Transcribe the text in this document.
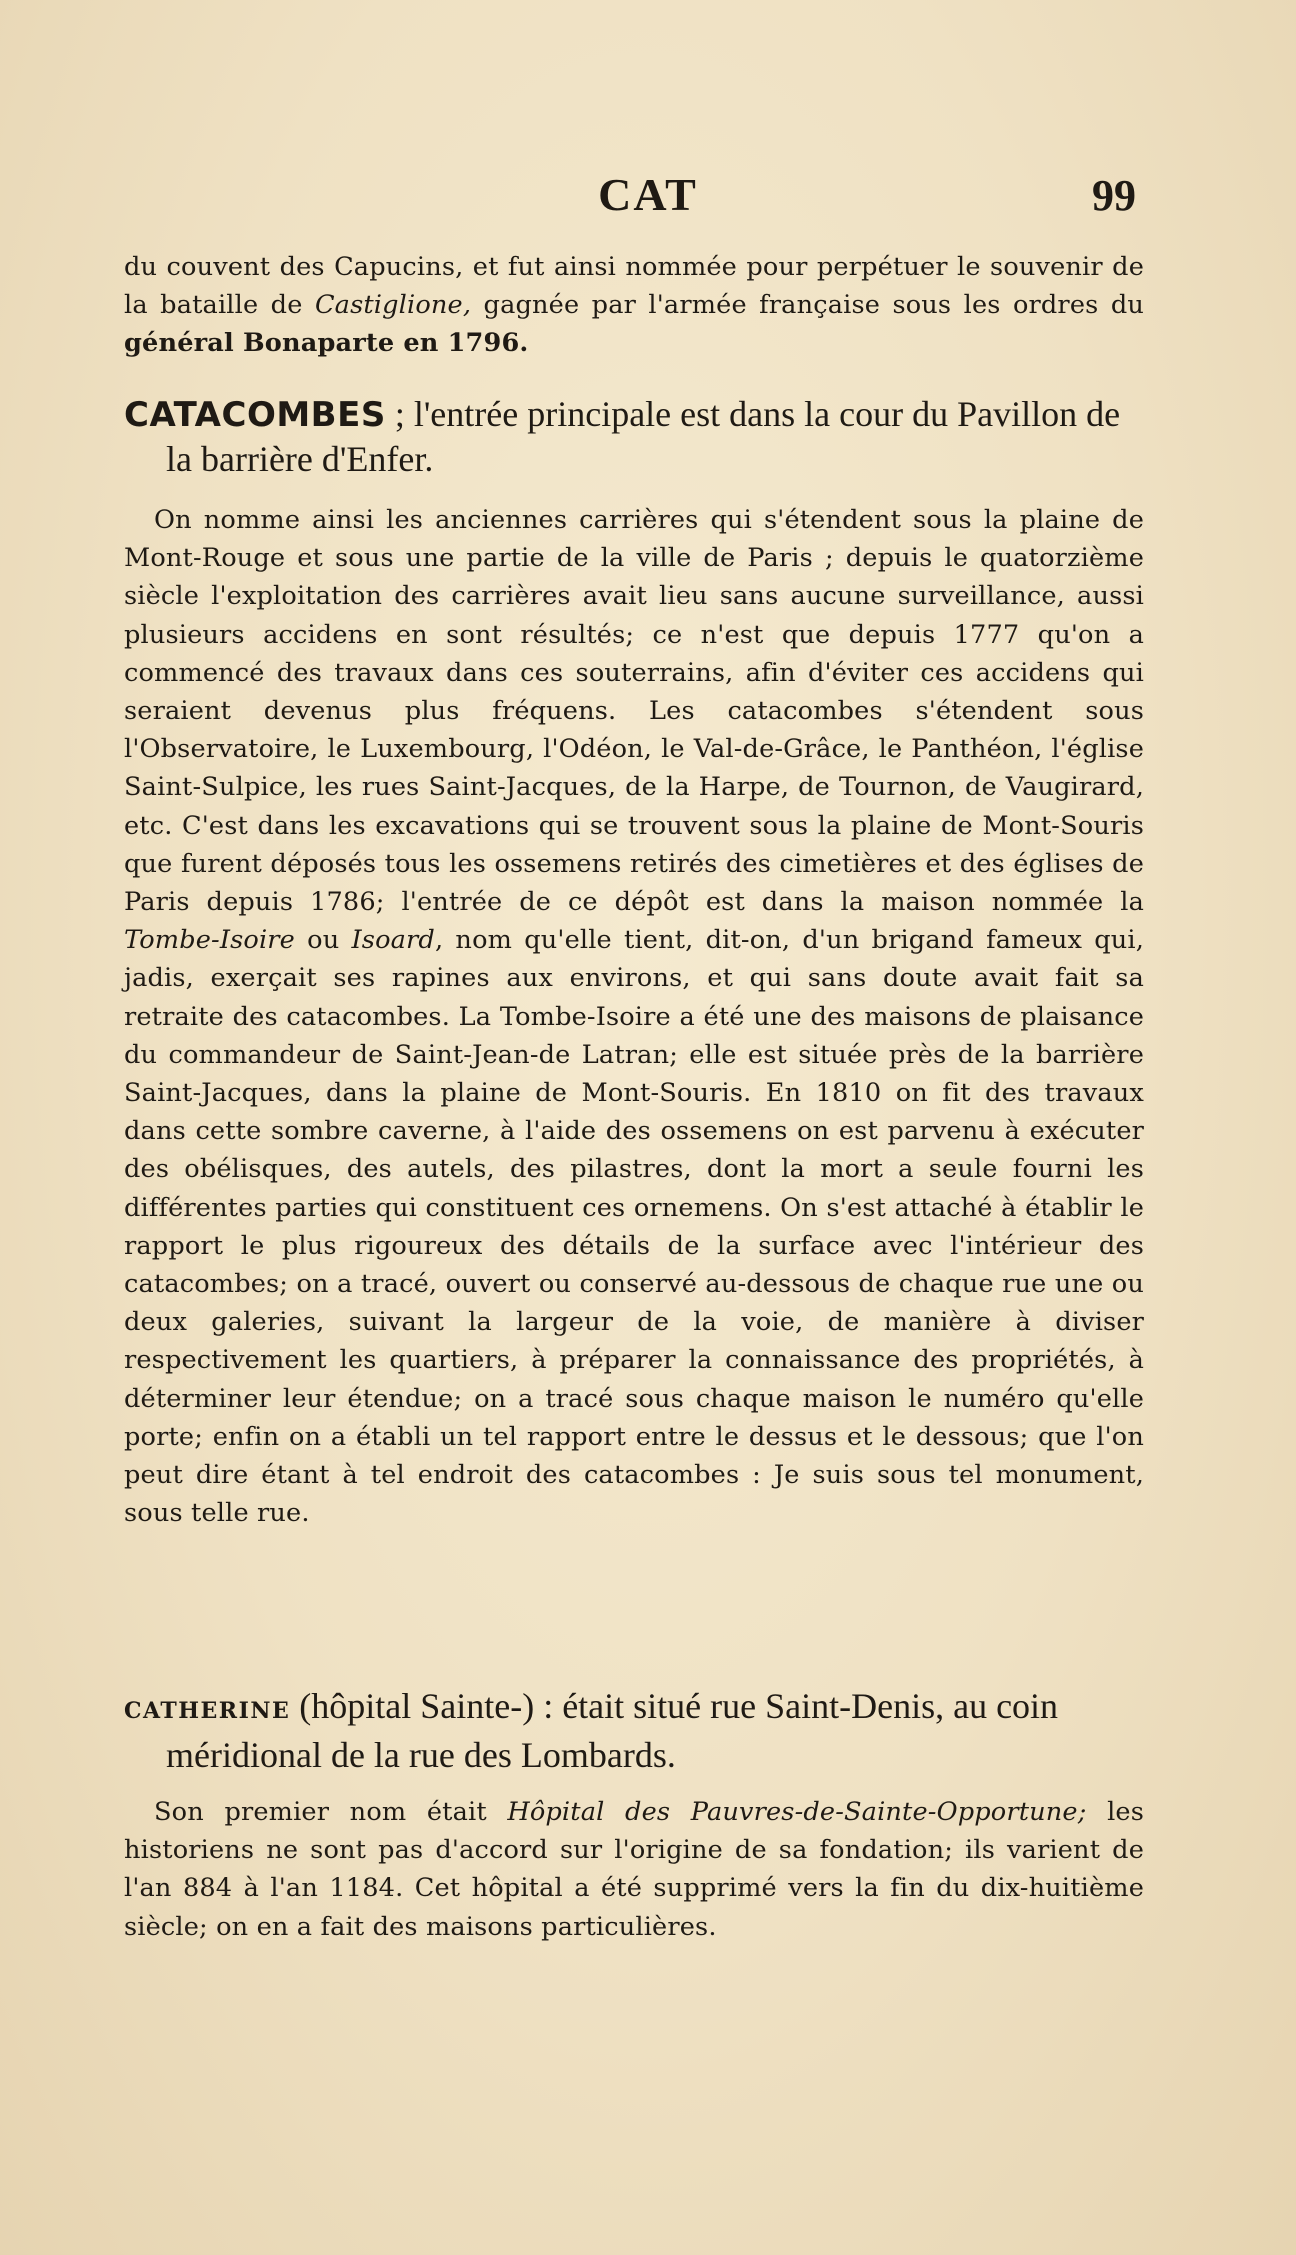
CAT	99

du couvent des Capucins, et fut ainsi nommée pour perpétuer le souvenir de la bataille de Castiglione, gagnée par l'armée française sous les ordres du général Bonaparte en 1796.

CATACOMBES ; l'entrée principale est dans la cour du Pavillon de la barrière d'Enfer.

On nomme ainsi les anciennes carrières qui s'étendent sous la plaine de Mont-Rouge et sous une partie de la ville de Paris ; depuis le quatorzième siècle l'exploitation des carrières avait lieu sans aucune surveillance, aussi plusieurs accidens en sont résultés; ce n'est que depuis 1777 qu'on a commencé des travaux dans ces souterrains, afin d'éviter ces accidens qui seraient devenus plus fréquens. Les catacombes s'étendent sous l'Observatoire, le Luxembourg, l'Odéon, le Val-de-Grâce, le Panthéon, l'église Saint-Sulpice, les rues Saint-Jacques, de la Harpe, de Tournon, de Vaugirard, etc. C'est dans les excavations qui se trouvent sous la plaine de Mont-Souris que furent déposés tous les ossemens retirés des cimetières et des églises de Paris depuis 1786; l'entrée de ce dépôt est dans la maison nommée la Tombe-Isoire ou Isoard, nom qu'elle tient, dit-on, d'un brigand fameux qui, jadis, exerçait ses rapines aux environs, et qui sans doute avait fait sa retraite des catacombes. La Tombe-Isoire a été une des maisons de plaisance du commandeur de Saint-Jean-de Latran; elle est située près de la barrière Saint-Jacques, dans la plaine de Mont-Souris. En 1810 on fit des travaux dans cette sombre caverne, à l'aide des ossemens on est parvenu à exécuter des obélisques, des autels, des pilastres, dont la mort a seule fourni les différentes parties qui constituent ces ornemens. On s'est attaché à établir le rapport le plus rigoureux des détails de la surface avec l'intérieur des catacombes; on a tracé, ouvert ou conservé au-dessous de chaque rue une ou deux galeries, suivant la largeur de la voie, de manière à diviser respectivement les quartiers, à préparer la connaissance des propriétés, à déterminer leur étendue; on a tracé sous chaque maison le numéro qu'elle porte; enfin on a établi un tel rapport entre le dessus et le dessous; que l'on peut dire étant à tel endroit des catacombes : Je suis sous tel monument, sous telle rue.

CATHERINE (hôpital Sainte-) : était situé rue Saint-Denis, au coin méridional de la rue des Lombards.

Son premier nom était Hôpital des Pauvres-de-Sainte-Opportune; les historiens ne sont pas d'accord sur l'origine de sa fondation; ils varient de l'an 884 à l'an 1184. Cet hôpital a été supprimé vers la fin du dix-huitième siècle; on en a fait des maisons particulières.
